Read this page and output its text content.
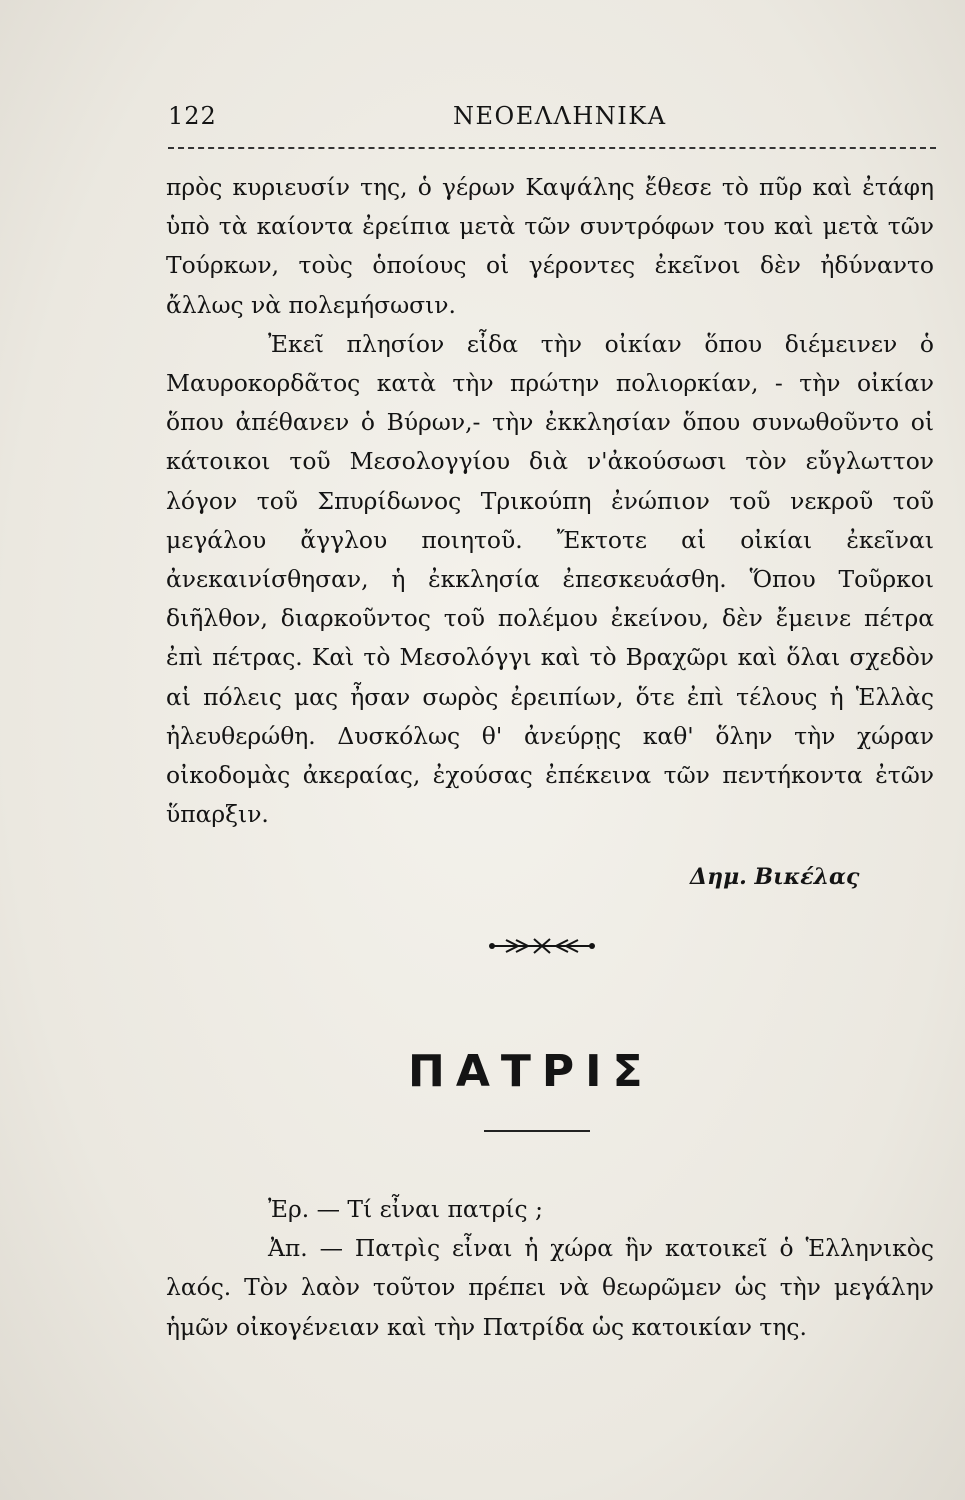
122	ΝΕΟΕΛΛΗΝΙΚΑ

πρὸς κυριευσίν της, ὁ γέρων Καψάλης ἔθεσε τὸ πῦρ καὶ ἐτάφη ὑπὸ τὰ καίοντα ἐρείπια μετὰ τῶν συντρόφων του καὶ μετὰ τῶν Τούρκων, τοὺς ὁποίους οἱ γέροντες ἐκεῖνοι δὲν ἠδύναντο ἄλλως νὰ πολεμήσωσιν.

Ἐκεῖ πλησίον εἶδα τὴν οἰκίαν ὅπου διέμεινεν ὁ Μαυροκορδᾶτος κατὰ τὴν πρώτην πολιορκίαν, - τὴν οἰκίαν ὅπου ἀπέθανεν ὁ Βύρων,- τὴν ἐκκλησίαν ὅπου συνωθοῦντο οἱ κάτοικοι τοῦ Μεσολογγίου διὰ ν'ἀκούσωσι τὸν εὔγλωττον λόγον τοῦ Σπυρίδωνος Τρικούπη ἐνώπιον τοῦ νεκροῦ τοῦ μεγάλου ἄγγλου ποιητοῦ. Ἔκτοτε αἱ οἰκίαι ἐκεῖναι ἀνεκαινίσθησαν, ἡ ἐκκλησία ἐπεσκευάσθη. Ὅπου Τοῦρκοι διῆλθον, διαρκοῦντος τοῦ πολέμου ἐκείνου, δὲν ἔμεινε πέτρα ἐπὶ πέτρας. Καὶ τὸ Μεσολόγγι καὶ τὸ Βραχῶρι καὶ ὅλαι σχεδὸν αἱ πόλεις μας ἦσαν σωρὸς ἐρειπίων, ὅτε ἐπὶ τέλους ἡ Ἑλλὰς ἠλευθερώθη. Δυσκόλως θ' ἀνεύρῃς καθ' ὅλην τὴν χώραν οἰκοδομὰς ἀκεραίας, ἐχούσας ἐπέκεινα τῶν πεντήκοντα ἐτῶν ὕπαρξιν.

Δημ. Βικέλας
ΠΑΤΡΙΣ

Ἐρ. — Τί εἶναι πατρίς ;

Ἀπ. — Πατρὶς εἶναι ἡ χώρα ἣν κατοικεῖ ὁ Ἑλληνικὸς λαός. Τὸν λαὸν τοῦτον πρέπει νὰ θεωρῶμεν ὡς τὴν μεγάλην ἡμῶν οἰκογένειαν καὶ τὴν Πατρίδα ὡς κατοικίαν της.
